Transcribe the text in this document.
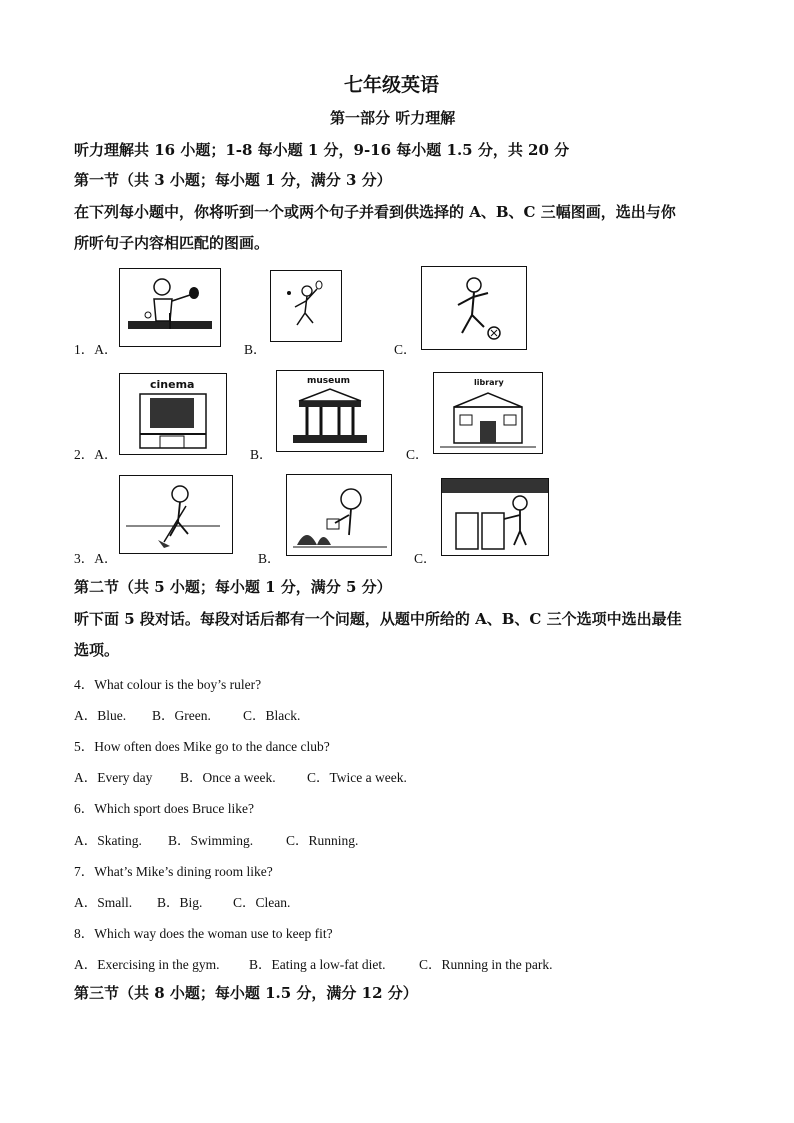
七年级英语
第一部分 听力理解
听力理解共 16 小题；1-8 每小题 1 分，9-16 每小题 1.5 分，共 20 分
第一节（共 3 小题；每小题 1 分，满分 3 分）
在下列每小题中，你将听到一个或两个句子并看到供选择的 A、B、C 三幅图画，选出与你
所听句子内容相匹配的图画。
1．A．	B．	C．
2．A．
cinema
B．
museum
C．
library
3．A．	B．	C．
第二节（共 5 小题；每小题 1 分，满分 5 分）
听下面 5 段对话。每段对话后都有一个问题，从题中所给的 A、B、C 三个选项中选出最佳
选项。
4．What colour is the boy’s ruler?
A．Blue. B．Green. C．Black.
5．How often does Mike go to the dance club?
A．Every day B．Once a week. C．Twice a week.
6．Which sport does Bruce like?
A．Skating. B．Swimming. C．Running.
7．What’s Mike’s dining room like?
A．Small. B．Big. C．Clean.
8．Which way does the woman use to keep fit?
A．Exercising in the gym. B．Eating a low-fat diet. C．Running in the park.
第三节（共 8 小题；每小题 1.5 分，满分 12 分）
